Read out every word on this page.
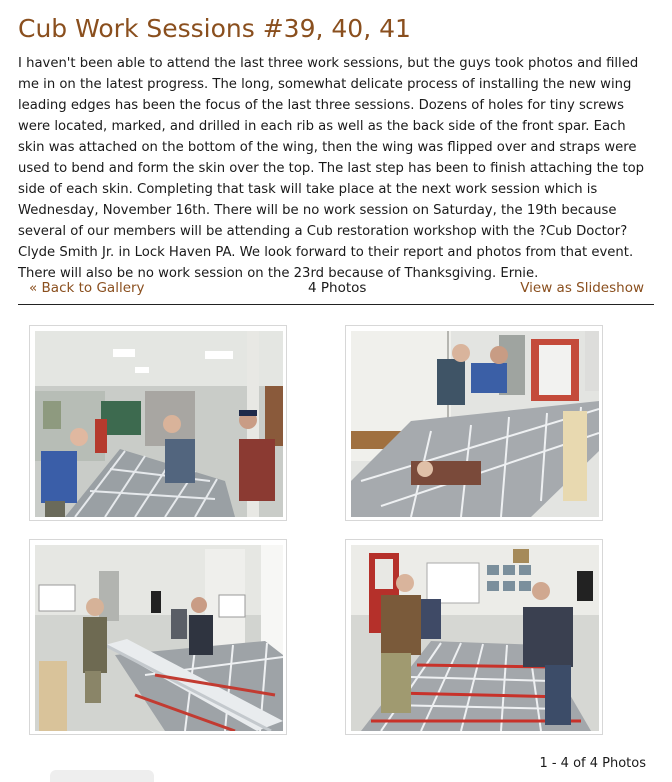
Cub Work Sessions #39, 40, 41

I haven't been able to attend the last three work sessions, but the guys took photos and filled me in on the latest progress. The long, somewhat delicate process of installing the new wing leading edges has been the focus of the last three sessions. Dozens of holes for tiny screws were located, marked, and drilled in each rib as well as the back side of the front spar. Each skin was attached on the bottom of the wing, then the wing was flipped over and straps were used to bend and form the skin over the top. The last step has been to finish attaching the top side of each skin. Completing that task will take place at the next work session which is Wednesday, November 16th. There will be no work session on Saturday, the 19th because several of our members will be attending a Cub restoration workshop with the ?Cub Doctor? Clyde Smith Jr. in Lock Haven PA. We look forward to their report and photos from that event. There will also be no work session on the 23rd because of Thanksgiving. Ernie.

« Back to Gallery	4 Photos	View as Slideshow
1 - 4 of 4 Photos
